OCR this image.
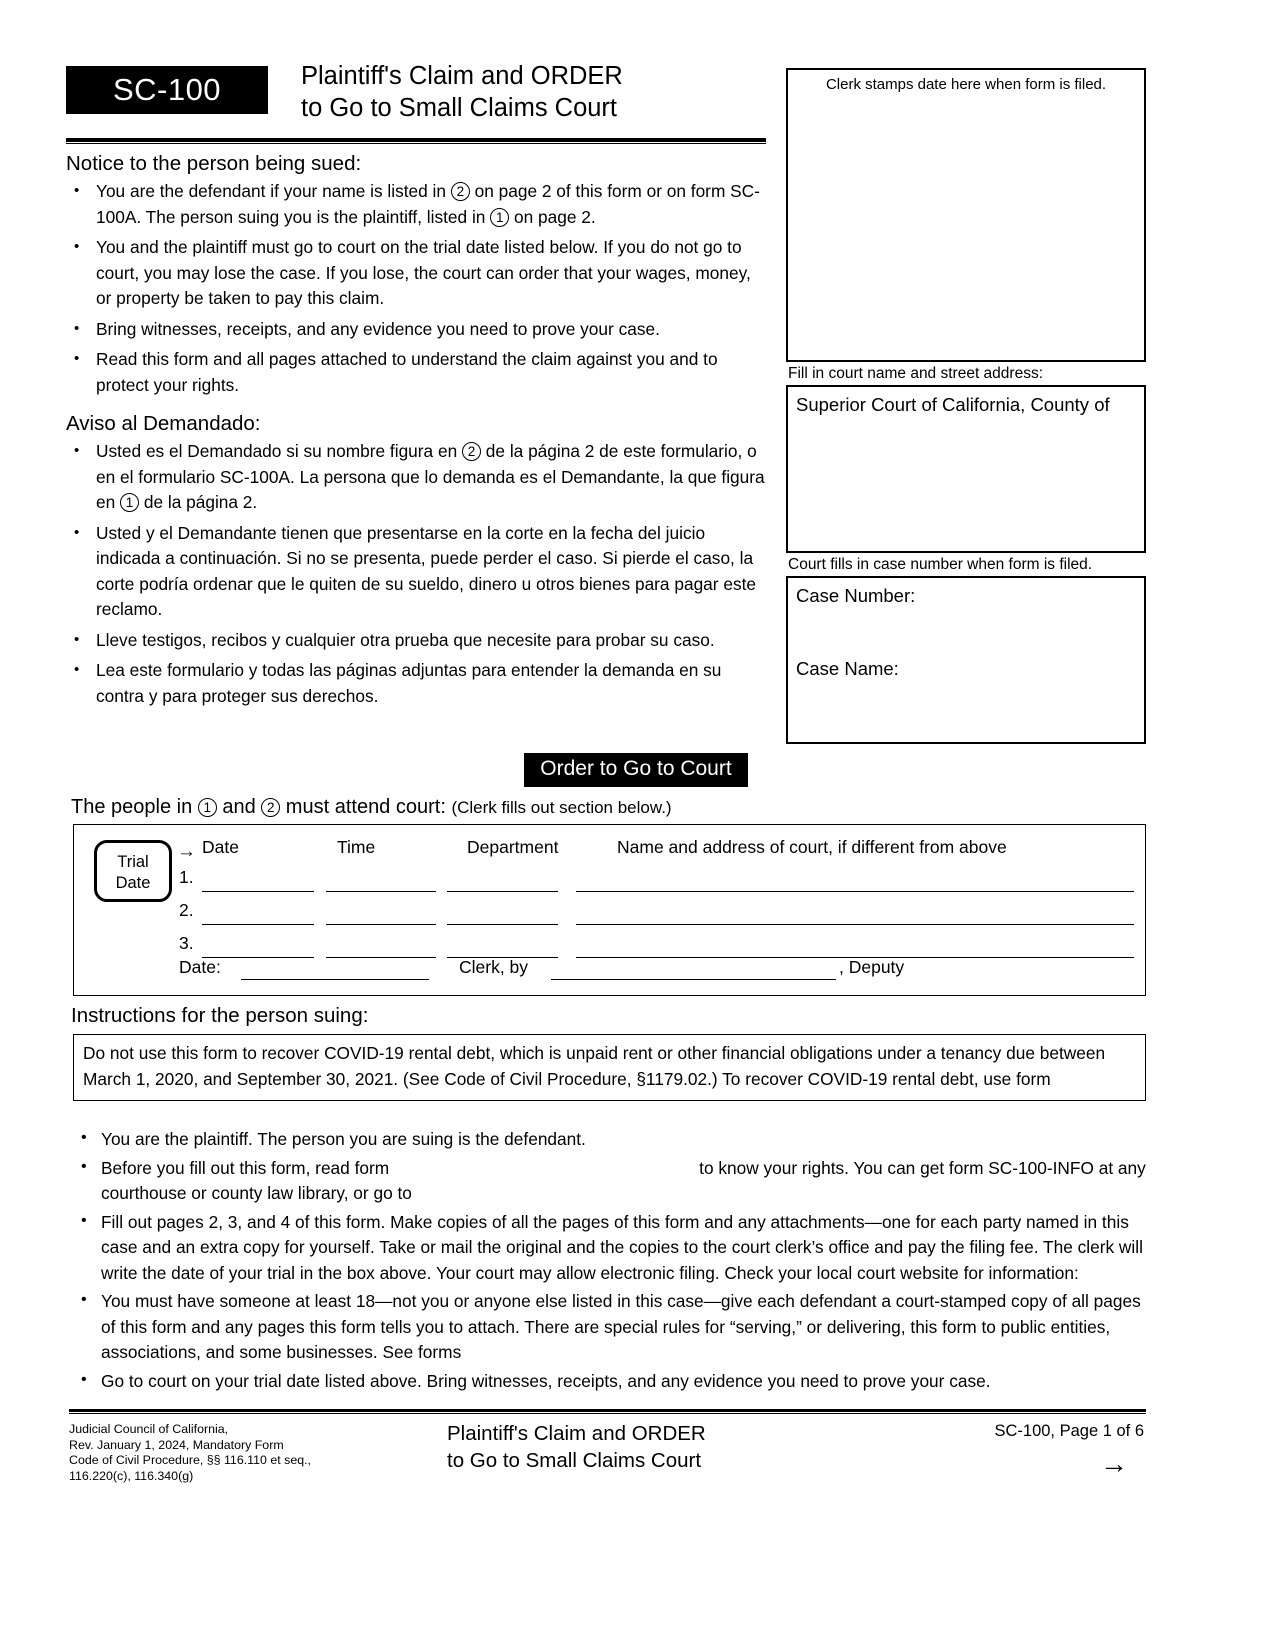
SC-100	Plaintiff's Claim and ORDER
to Go to Small Claims Court
Notice to the person being sued:
• You are the defendant if your name is listed in 2 on page 2 of this form or on form SC-100A. The person suing you is the plaintiff, listed in 1 on page 2.
• You and the plaintiff must go to court on the trial date listed below. If you do not go to court, you may lose the case. If you lose, the court can order that your wages, money, or property be taken to pay this claim.
• Bring witnesses, receipts, and any evidence you need to prove your case.
• Read this form and all pages attached to understand the claim against you and to protect your rights.
Aviso al Demandado:
• Usted es el Demandado si su nombre figura en 2 de la página 2 de este formulario, o en el formulario SC-100A. La persona que lo demanda es el Demandante, la que figura en 1 de la página 2.
• Usted y el Demandante tienen que presentarse en la corte en la fecha del juicio indicada a continuación. Si no se presenta, puede perder el caso. Si pierde el caso, la corte podría ordenar que le quiten de su sueldo, dinero u otros bienes para pagar este reclamo.
• Lleve testigos, recibos y cualquier otra prueba que necesite para probar su caso.
• Lea este formulario y todas las páginas adjuntas para entender la demanda en su contra y para proteger sus derechos.
Clerk stamps date here when form is filed.
Fill in court name and street address:
Superior Court of California, County of
Court fills in case number when form is filed.
Case Number:
Case Name:
Order to Go to Court
The people in 1 and 2 must attend court: (Clerk fills out section below.)
Trial
Date
→ Date	Time	Department	Name and address of court, if different from above
1.
2.
3.
Date:	Clerk, by	, Deputy
Instructions for the person suing:
Do not use this form to recover COVID-19 rental debt, which is unpaid rent or other financial obligations under a tenancy due between March 1, 2020, and September 30, 2021. (See Code of Civil Procedure, §1179.02.) To recover COVID-19 rental debt, use form
• You are the plaintiff. The person you are suing is the defendant.
• Before you fill out this form, read form	to know your rights. You can get form SC-100-INFO at any courthouse or county law library, or go to
• Fill out pages 2, 3, and 4 of this form. Make copies of all the pages of this form and any attachments—one for each party named in this case and an extra copy for yourself. Take or mail the original and the copies to the court clerk’s office and pay the filing fee. The clerk will write the date of your trial in the box above. Your court may allow electronic filing. Check your local court website for information:
• You must have someone at least 18—not you or anyone else listed in this case—give each defendant a court-stamped copy of all pages of this form and any pages this form tells you to attach. There are special rules for “serving,” or delivering, this form to public entities, associations, and some businesses. See forms
• Go to court on your trial date listed above. Bring witnesses, receipts, and any evidence you need to prove your case.
Judicial Council of California,
Rev. January 1, 2024, Mandatory Form
Code of Civil Procedure, §§ 116.110 et seq.,
116.220(c), 116.340(g)
Plaintiff's Claim and ORDER
to Go to Small Claims Court
SC-100, Page 1 of 6
→
